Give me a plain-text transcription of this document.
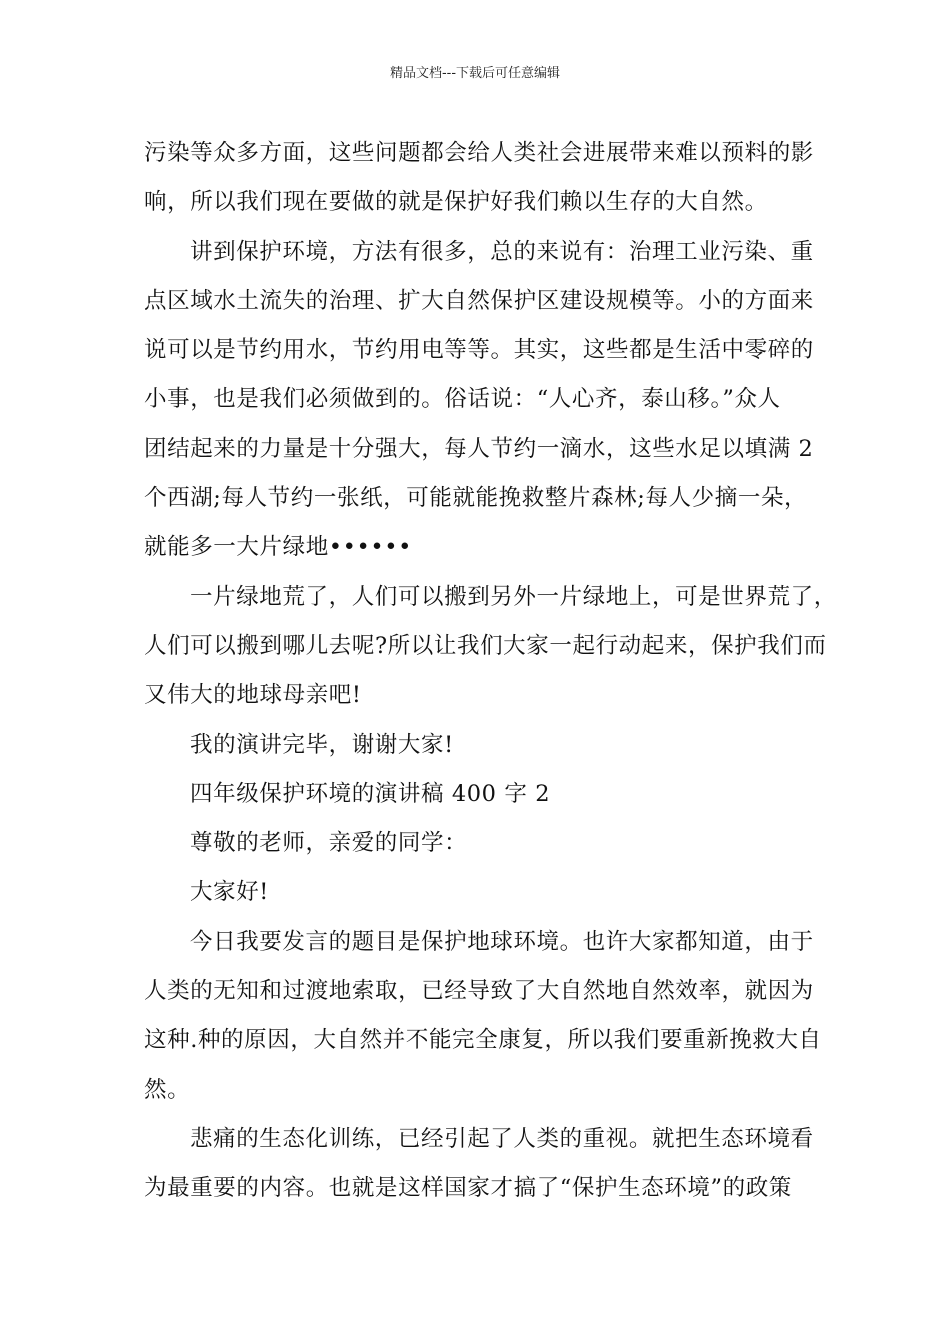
精品文档---下载后可任意编辑
污染等众多方面，这些问题都会给人类社会进展带来难以预料的影
响，所以我们现在要做的就是保护好我们赖以生存的大自然。
讲到保护环境，方法有很多，总的来说有：治理工业污染、重
点区域水土流失的治理、扩大自然保护区建设规模等。小的方面来
说可以是节约用水，节约用电等等。其实，这些都是生活中零碎的
小事，也是我们必须做到的。俗话说：“人心齐，泰山移。”众人
团结起来的力量是十分强大，每人节约一滴水，这些水足以填满 2
个西湖;每人节约一张纸，可能就能挽救整片森林;每人少摘一朵，
就能多一大片绿地••••••
一片绿地荒了，人们可以搬到另外一片绿地上，可是世界荒了，
人们可以搬到哪儿去呢?所以让我们大家一起行动起来，保护我们而
又伟大的地球母亲吧!
我的演讲完毕，谢谢大家!
四年级保护环境的演讲稿 400 字 2
尊敬的老师，亲爱的同学：
大家好!
今日我要发言的题目是保护地球环境。也许大家都知道，由于
人类的无知和过渡地索取，已经导致了大自然地自然效率，就因为
这种.种的原因，大自然并不能完全康复，所以我们要重新挽救大自
然。
悲痛的生态化训练，已经引起了人类的重视。就把生态环境看
为最重要的内容。也就是这样国家才搞了“保护生态环境”的政策
